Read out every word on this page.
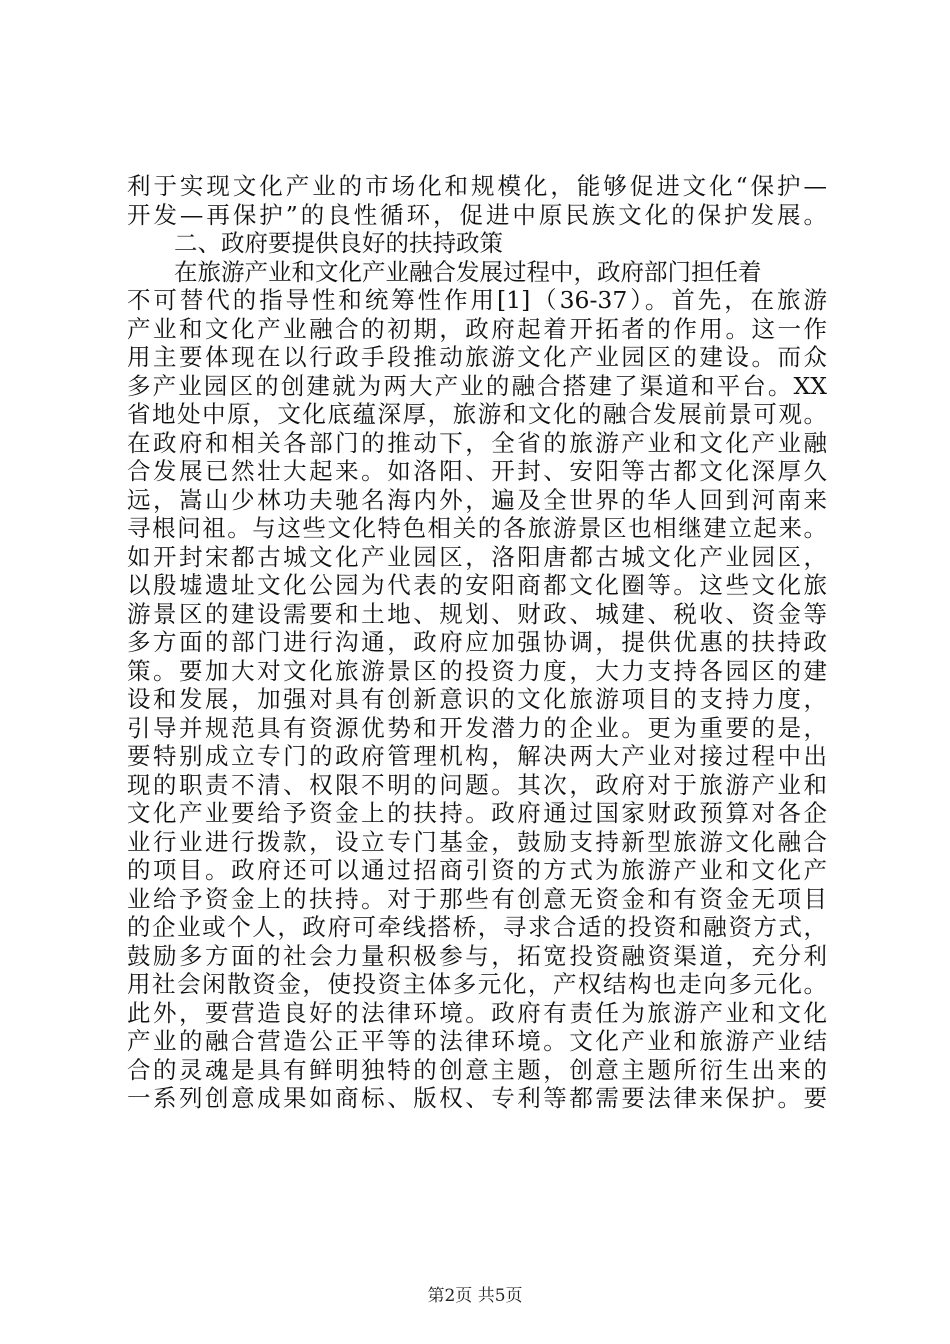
利于实现文化产业的市场化和规模化，能够促进文化“保护—
开发—再保护”的良性循环，促进中原民族文化的保护发展。
二、政府要提供良好的扶持政策
在旅游产业和文化产业融合发展过程中，政府部门担任着
不可替代的指导性和统筹性作用[1]（36-37）。首先，在旅游
产业和文化产业融合的初期，政府起着开拓者的作用。这一作
用主要体现在以行政手段推动旅游文化产业园区的建设。而众
多产业园区的创建就为两大产业的融合搭建了渠道和平台。XX
省地处中原，文化底蕴深厚，旅游和文化的融合发展前景可观。
在政府和相关各部门的推动下，全省的旅游产业和文化产业融
合发展已然壮大起来。如洛阳、开封、安阳等古都文化深厚久
远，嵩山少林功夫驰名海内外，遍及全世界的华人回到河南来
寻根问祖。与这些文化特色相关的各旅游景区也相继建立起来。
如开封宋都古城文化产业园区，洛阳唐都古城文化产业园区，
以殷墟遗址文化公园为代表的安阳商都文化圈等。这些文化旅
游景区的建设需要和土地、规划、财政、城建、税收、资金等
多方面的部门进行沟通，政府应加强协调，提供优惠的扶持政
策。要加大对文化旅游景区的投资力度，大力支持各园区的建
设和发展，加强对具有创新意识的文化旅游项目的支持力度，
引导并规范具有资源优势和开发潜力的企业。更为重要的是，
要特别成立专门的政府管理机构，解决两大产业对接过程中出
现的职责不清、权限不明的问题。其次，政府对于旅游产业和
文化产业要给予资金上的扶持。政府通过国家财政预算对各企
业行业进行拨款，设立专门基金，鼓励支持新型旅游文化融合
的项目。政府还可以通过招商引资的方式为旅游产业和文化产
业给予资金上的扶持。对于那些有创意无资金和有资金无项目
的企业或个人，政府可牵线搭桥，寻求合适的投资和融资方式，
鼓励多方面的社会力量积极参与，拓宽投资融资渠道，充分利
用社会闲散资金，使投资主体多元化，产权结构也走向多元化。
此外，要营造良好的法律环境。政府有责任为旅游产业和文化
产业的融合营造公正平等的法律环境。文化产业和旅游产业结
合的灵魂是具有鲜明独特的创意主题，创意主题所衍生出来的
一系列创意成果如商标、版权、专利等都需要法律来保护。要
第2页 共5页
